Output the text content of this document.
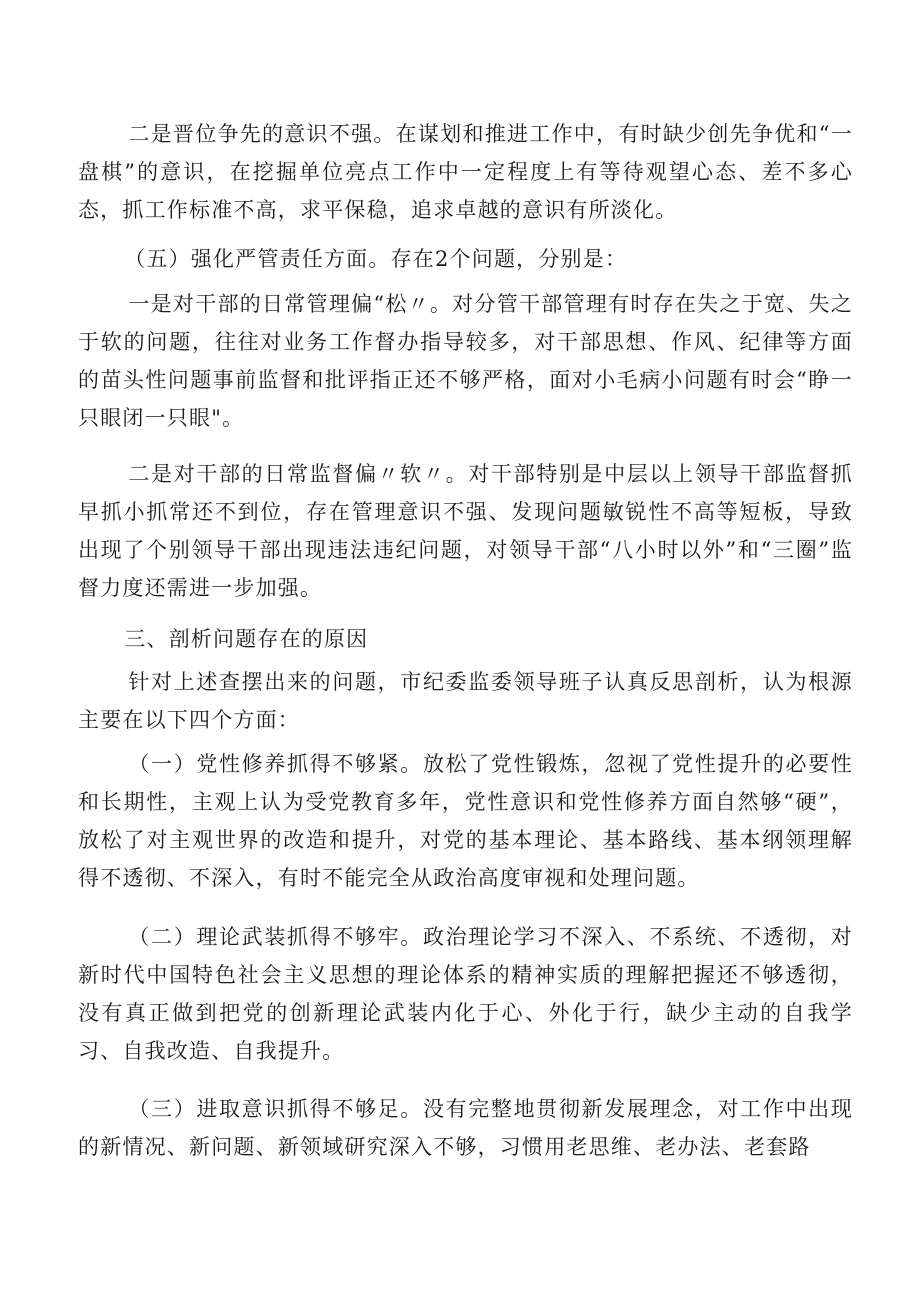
二是晋位争先的意识不强。在谋划和推进工作中，有时缺少创先争优和“一盘棋”的意识，在挖掘单位亮点工作中一定程度上有等待观望心态、差不多心态，抓工作标准不高，求平保稳，追求卓越的意识有所淡化。

（五）强化严管责任方面。存在2个问题，分别是：

一是对干部的日常管理偏“松〃。对分管干部管理有时存在失之于宽、失之于软的问题，往往对业务工作督办指导较多，对干部思想、作风、纪律等方面的苗头性问题事前监督和批评指正还不够严格，面对小毛病小问题有时会“睁一只眼闭一只眼"。

二是对干部的日常监督偏〃软〃。对干部特别是中层以上领导干部监督抓早抓小抓常还不到位，存在管理意识不强、发现问题敏锐性不高等短板，导致出现了个别领导干部出现违法违纪问题，对领导干部“八小时以外”和“三圈”监督力度还需进一步加强。

三、剖析问题存在的原因

针对上述查摆出来的问题，市纪委监委领导班子认真反思剖析，认为根源主要在以下四个方面：

（一）党性修养抓得不够紧。放松了党性锻炼，忽视了党性提升的必要性和长期性，主观上认为受党教育多年，党性意识和党性修养方面自然够“硬”，放松了对主观世界的改造和提升，对党的基本理论、基本路线、基本纲领理解得不透彻、不深入，有时不能完全从政治高度审视和处理问题。

（二）理论武装抓得不够牢。政治理论学习不深入、不系统、不透彻，对新时代中国特色社会主义思想的理论体系的精神实质的理解把握还不够透彻，没有真正做到把党的创新理论武装内化于心、外化于行，缺少主动的自我学习、自我改造、自我提升。

（三）进取意识抓得不够足。没有完整地贯彻新发展理念，对工作中出现的新情况、新问题、新领域研究深入不够，习惯用老思维、老办法、老套路
